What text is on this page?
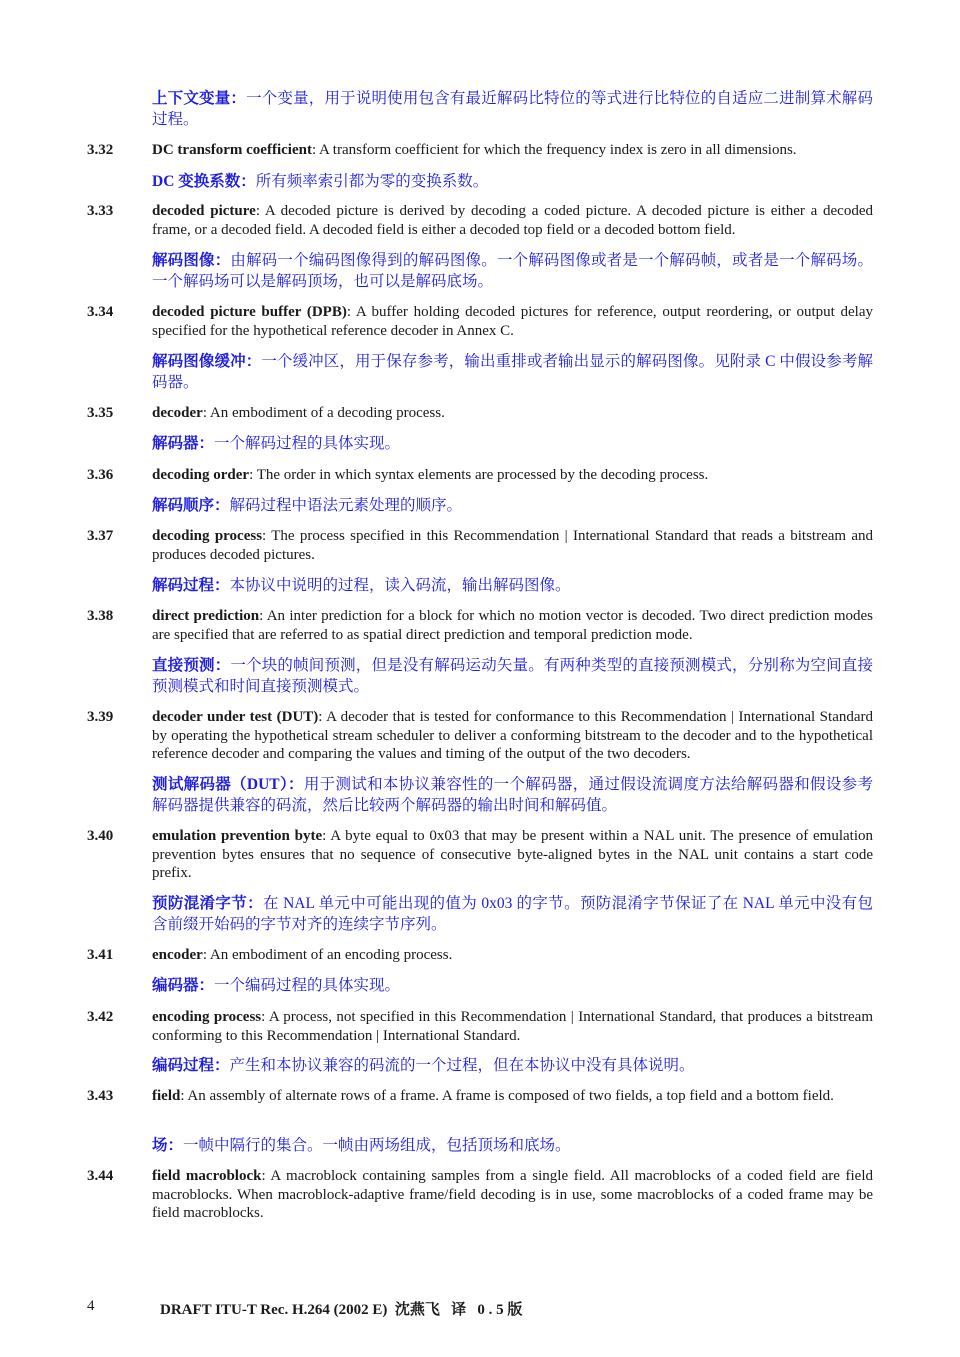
上下文变量：一个变量，用于说明使用包含有最近解码比特位的等式进行比特位的自适应二进制算术解码过程。
3.32	DC transform coefficient: A transform coefficient for which the frequency index is zero in all dimensions.
DC 变换系数：所有频率索引都为零的变换系数。
3.33	decoded picture: A decoded picture is derived by decoding a coded picture. A decoded picture is either a decoded frame, or a decoded field. A decoded field is either a decoded top field or a decoded bottom field.
解码图像：由解码一个编码图像得到的解码图像。一个解码图像或者是一个解码帧，或者是一个解码场。一个解码场可以是解码顶场，也可以是解码底场。
3.34	decoded picture buffer (DPB): A buffer holding decoded pictures for reference, output reordering, or output delay specified for the hypothetical reference decoder in Annex C.
解码图像缓冲：一个缓冲区，用于保存参考，输出重排或者输出显示的解码图像。见附录 C 中假设参考解码器。
3.35	decoder: An embodiment of a decoding process.
解码器：一个解码过程的具体实现。
3.36	decoding order: The order in which syntax elements are processed by the decoding process.
解码顺序：解码过程中语法元素处理的顺序。
3.37	decoding process: The process specified in this Recommendation | International Standard that reads a bitstream and produces decoded pictures.
解码过程：本协议中说明的过程，读入码流，输出解码图像。
3.38	direct prediction: An inter prediction for a block for which no motion vector is decoded. Two direct prediction modes are specified that are referred to as spatial direct prediction and temporal prediction mode.
直接预测：一个块的帧间预测，但是没有解码运动矢量。有两种类型的直接预测模式，分别称为空间直接预测模式和时间直接预测模式。
3.39	decoder under test (DUT): A decoder that is tested for conformance to this Recommendation | International Standard by operating the hypothetical stream scheduler to deliver a conforming bitstream to the decoder and to the hypothetical reference decoder and comparing the values and timing of the output of the two decoders.
测试解码器（DUT）：用于测试和本协议兼容性的一个解码器，通过假设流调度方法给解码器和假设参考解码器提供兼容的码流，然后比较两个解码器的输出时间和解码值。
3.40	emulation prevention byte: A byte equal to 0x03 that may be present within a NAL unit. The presence of emulation prevention bytes ensures that no sequence of consecutive byte-aligned bytes in the NAL unit contains a start code prefix.
预防混淆字节：在 NAL 单元中可能出现的值为 0x03 的字节。预防混淆字节保证了在 NAL 单元中没有包含前缀开始码的字节对齐的连续字节序列。
3.41	encoder: An embodiment of an encoding process.
编码器：一个编码过程的具体实现。
3.42	encoding process: A process, not specified in this Recommendation | International Standard, that produces a bitstream conforming to this Recommendation | International Standard.
编码过程：产生和本协议兼容的码流的一个过程，但在本协议中没有具体说明。
3.43	field: An assembly of alternate rows of a frame. A frame is composed of two fields, a top field and a bottom field.
场：一帧中隔行的集合。一帧由两场组成，包括顶场和底场。
3.44	field macroblock: A macroblock containing samples from a single field. All macroblocks of a coded field are field macroblocks. When macroblock-adaptive frame/field decoding is in use, some macroblocks of a coded frame may be field macroblocks.
4	DRAFT ITU-T Rec. H.264 (2002 E)  沈燕飞   译   0 . 5 版
